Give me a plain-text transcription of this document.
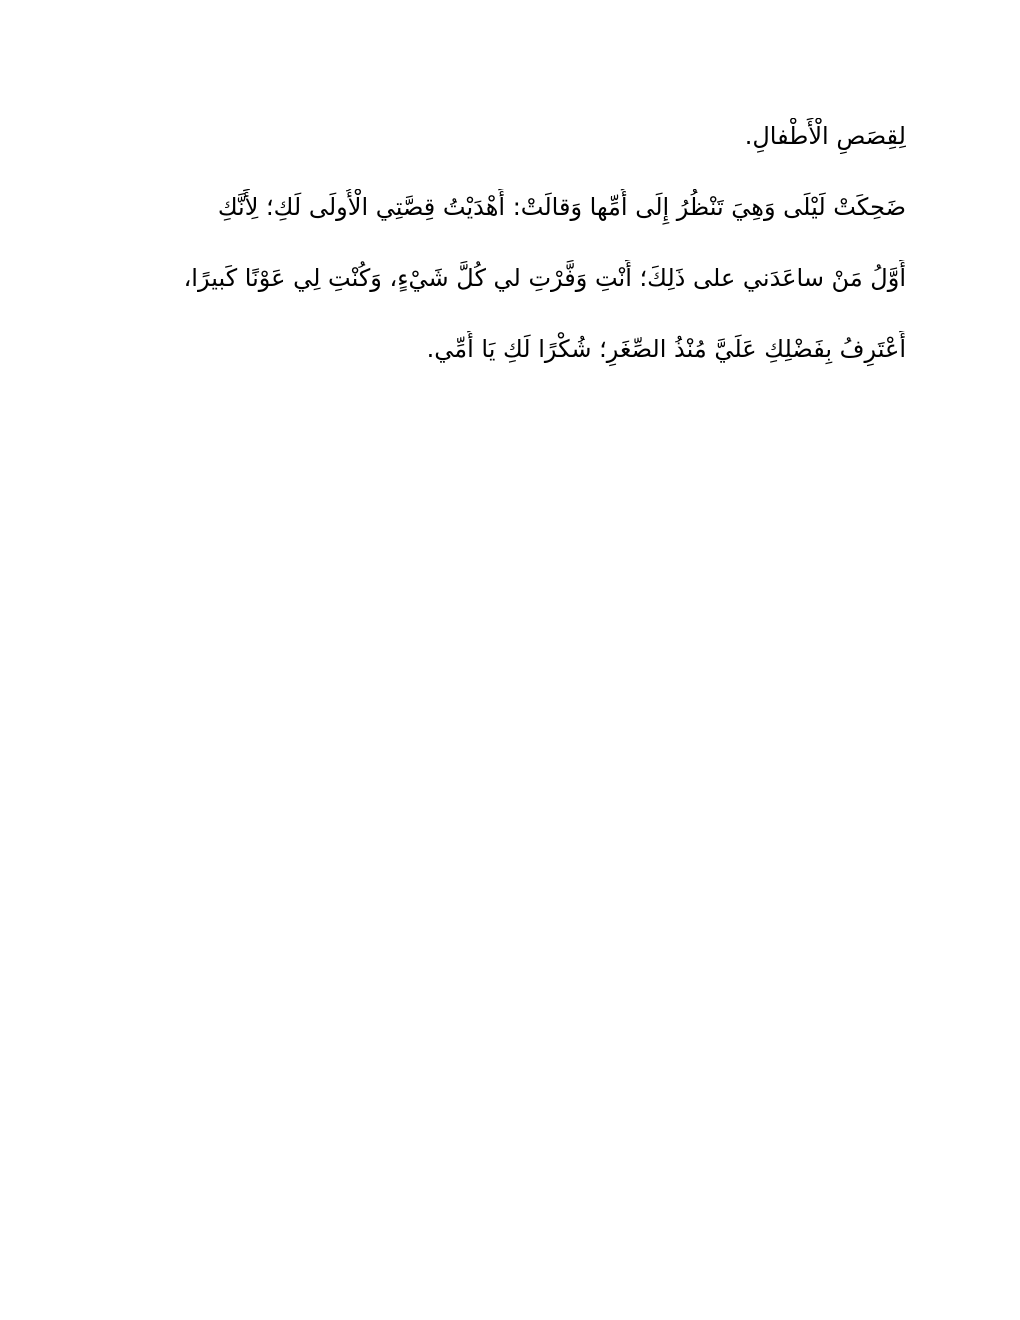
لِقِصَصِ الْأَطْفالِ.

ضَحِكَتْ لَيْلَى وَهِيَ تَنْظُرُ إِلَى أُمِّها وَقالَتْ: أَهْدَيْتُ قِصَّتِي الْأُولَى لَكِ؛ لِأَنَّكِ

أَوَّلُ مَنْ ساعَدَني على ذَلِكَ؛ أَنْتِ وَفَّرْتِ لي كُلَّ شَيْءٍ، وَكُنْتِ لِي عَوْنًا كَبيرًا،

أَعْتَرِفُ بِفَضْلِكِ عَلَيَّ مُنْذُ الصِّغَرِ؛ شُكْرًا لَكِ يَا أُمِّي.
